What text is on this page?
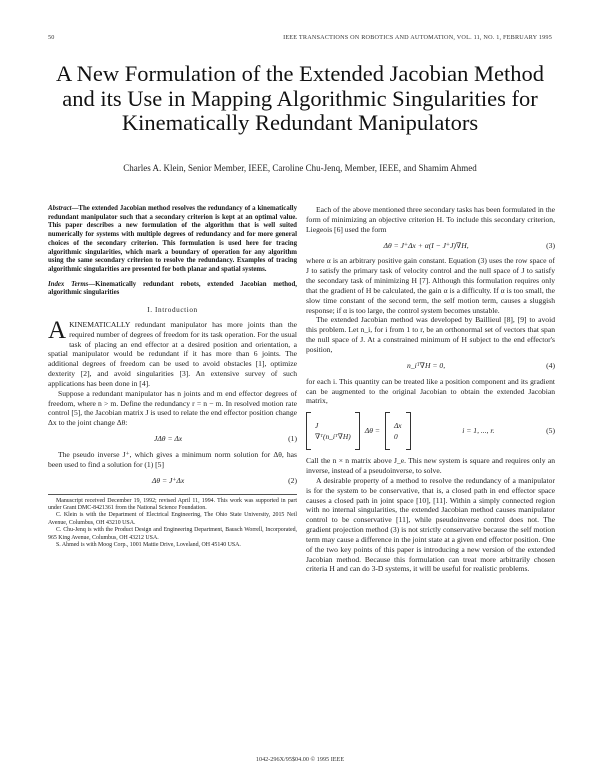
50	IEEE TRANSACTIONS ON ROBOTICS AND AUTOMATION, VOL. 11, NO. 1, FEBRUARY 1995
A New Formulation of the Extended Jacobian Method and its Use in Mapping Algorithmic Singularities for Kinematically Redundant Manipulators
Charles A. Klein, Senior Member, IEEE, Caroline Chu-Jenq, Member, IEEE, and Shamim Ahmed

Abstract—The extended Jacobian method resolves the redundancy of a kinematically redundant manipulator such that a secondary criterion is kept at an optimal value. This paper describes a new formulation of the algorithm that is well suited numerically for systems with multiple degrees of redundancy and for more general choices of the secondary criterion. This formulation is used here for tracing algorithmic singularities, which mark a boundary of operation for any algorithm using the same secondary criterion to resolve the redundancy. Examples of tracing algorithmic singularities are presented for both planar and spatial systems.

Index Terms—Kinematically redundant robots, extended Jacobian method, algorithmic singularities

I. Introduction

AKINEMATICALLY redundant manipulator has more joints than the required number of degrees of freedom for its task operation. For the usual task of placing an end effector at a desired position and orientation, a spatial manipulator would be redundant if it has more than 6 joints. The additional degrees of freedom can be used to avoid obstacles [1], optimize dexterity [2], and avoid singularities [3]. An extensive survey of such applications has been done in [4].

Suppose a redundant manipulator has n joints and m end effector degrees of freedom, where n > m. Define the redundancy r = n − m. In resolved motion rate control [5], the Jacobian matrix J is used to relate the end effector position change Δx to the joint change Δθ:

JΔθ = Δx	(1)

The pseudo inverse J⁺, which gives a minimum norm solution for Δθ, has been used to find a solution for (1) [5]

Δθ = J⁺Δx	(2)
Manuscript received December 19, 1992; revised April 11, 1994. This work was supported in part under Grant DMC-8421361 from the National Science Foundation.
C. Klein is with the Department of Electrical Engineering, The Ohio State University, 2015 Neil Avenue, Columbus, OH 43210 USA.
C. Chu-Jenq is with the Product Design and Engineering Department, Bausch Worrell, Incorporated, 965 King Avenue, Columbus, OH 43212 USA.
S. Ahmed is with Moog Corp., 1001 Mattie Drive, Loveland, OH 45140 USA.

Each of the above mentioned three secondary tasks has been formulated in the form of minimizing an objective criterion H. To include this secondary criterion, Liegeois [6] used the form

Δθ = J⁺Δx + α(I − J⁺J)∇H,	(3)

where α is an arbitrary positive gain constant. Equation (3) uses the row space of J to satisfy the primary task of velocity control and the null space of J to satisfy the secondary task of minimizing H [7]. Although this formulation requires only that the gradient of H be calculated, the gain α is a difficulty. If α is too small, the slow time constant of the second term, the self motion term, causes a sluggish response; if α is too large, the control system becomes unstable.

The extended Jacobian method was developed by Baillieul [8], [9] to avoid this problem. Let n_i, for i from 1 to r, be an orthonormal set of vectors that span the null space of J. At a constrained minimum of H subject to the end effector's position,

n_iᵀ∇H = 0,	(4)

for each i. This quantity can be treated like a position component and its gradient can be augmented to the original Jacobian to obtain the extended Jacobian matrix,

J
∇ᵀ(n_iᵀ∇H)
Δθ =
Δx
0
i = 1, ..., r.	(5)

Call the n × n matrix above J_e. This new system is square and requires only an inverse, instead of a pseudoinverse, to solve.

A desirable property of a method to resolve the redundancy of a manipulator is for the system to be conservative, that is, a closed path in end effector space causes a closed path in joint space [10], [11]. Within a simply connected region with no internal singularities, the extended Jacobian method causes manipulator control to be conservative [11], while pseudoinverse control does not. The gradient projection method (3) is not strictly conservative because the self motion term may cause a difference in the joint state at a given end effector position. One of the two key points of this paper is introducing a new version of the extended Jacobian method. Because this formulation can treat more arbitrarily chosen criteria H and can do 3-D systems, it will be useful for realistic problems.

1042-296X/95$04.00 © 1995 IEEE
